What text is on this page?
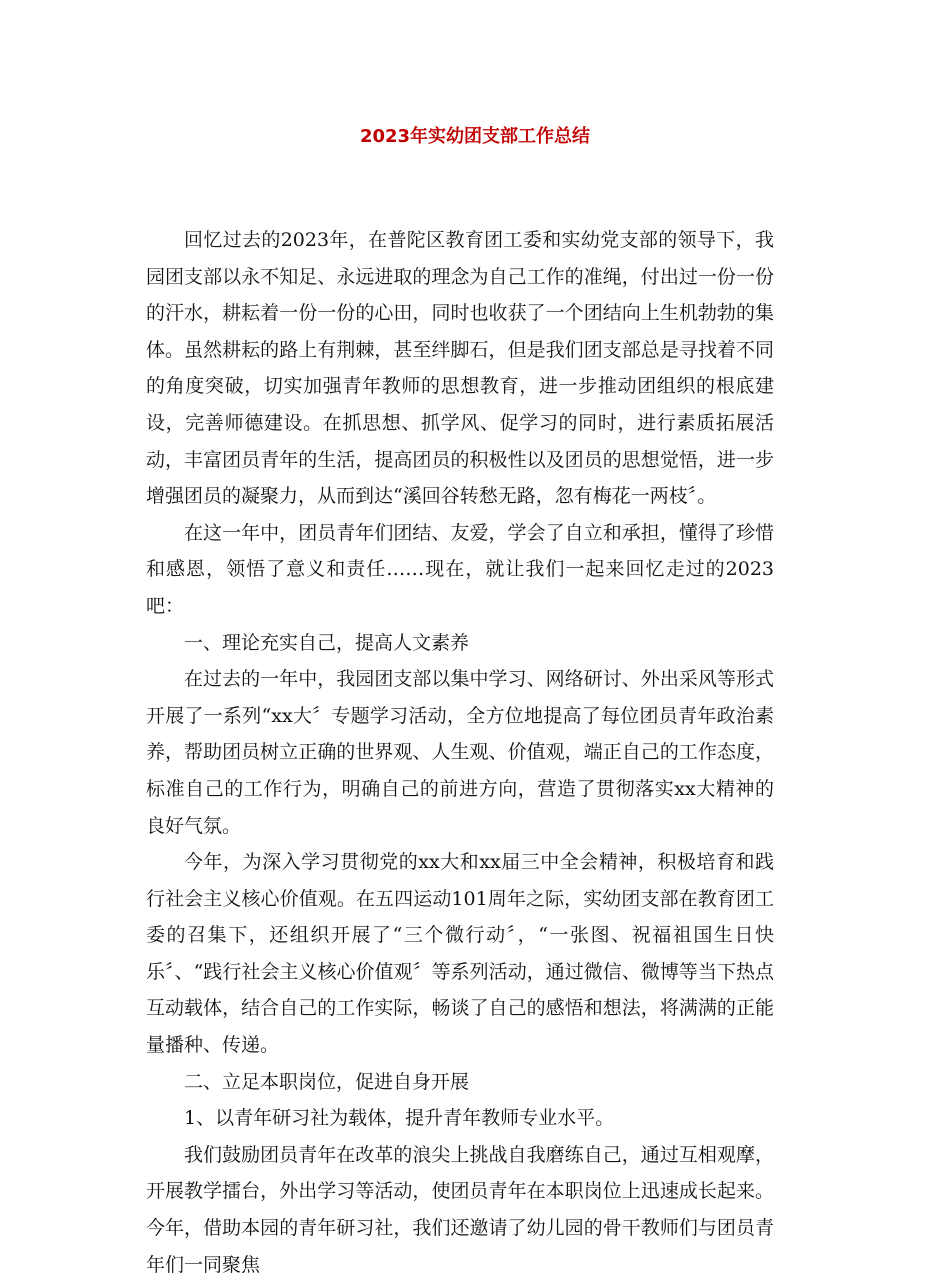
2023年实幼团支部工作总结

回忆过去的2023年，在普陀区教育团工委和实幼党支部的领导下，我园团支部以永不知足、永远进取的理念为自己工作的准绳，付出过一份一份的汗水，耕耘着一份一份的心田，同时也收获了一个团结向上生机勃勃的集体。虽然耕耘的路上有荆棘，甚至绊脚石，但是我们团支部总是寻找着不同的角度突破，切实加强青年教师的思想教育，进一步推动团组织的根底建设，完善师德建设。在抓思想、抓学风、促学习的同时，进行素质拓展活动，丰富团员青年的生活，提高团员的积极性以及团员的思想觉悟，进一步增强团员的凝聚力，从而到达“溪回谷转愁无路，忽有梅花一两枝〞。

在这一年中，团员青年们团结、友爱，学会了自立和承担，懂得了珍惜和感恩，领悟了意义和责任……现在，就让我们一起来回忆走过的2023吧：

一、理论充实自己，提高人文素养

在过去的一年中，我园团支部以集中学习、网络研讨、外出采风等形式开展了一系列“xx大〞专题学习活动，全方位地提高了每位团员青年政治素养，帮助团员树立正确的世界观、人生观、价值观，端正自己的工作态度，标准自己的工作行为，明确自己的前进方向，营造了贯彻落实xx大精神的良好气氛。

今年，为深入学习贯彻党的xx大和xx届三中全会精神，积极培育和践行社会主义核心价值观。在五四运动101周年之际，实幼团支部在教育团工委的召集下，还组织开展了“三个微行动〞，“一张图、祝福祖国生日快乐〞、“践行社会主义核心价值观〞等系列活动，通过微信、微博等当下热点互动载体，结合自己的工作实际，畅谈了自己的感悟和想法，将满满的正能量播种、传递。

二、立足本职岗位，促进自身开展

1、以青年研习社为载体，提升青年教师专业水平。

我们鼓励团员青年在改革的浪尖上挑战自我磨练自己，通过互相观摩，开展教学擂台，外出学习等活动，使团员青年在本职岗位上迅速成长起来。今年，借助本园的青年研习社，我们还邀请了幼儿园的骨干教师们与团员青年们一同聚焦
